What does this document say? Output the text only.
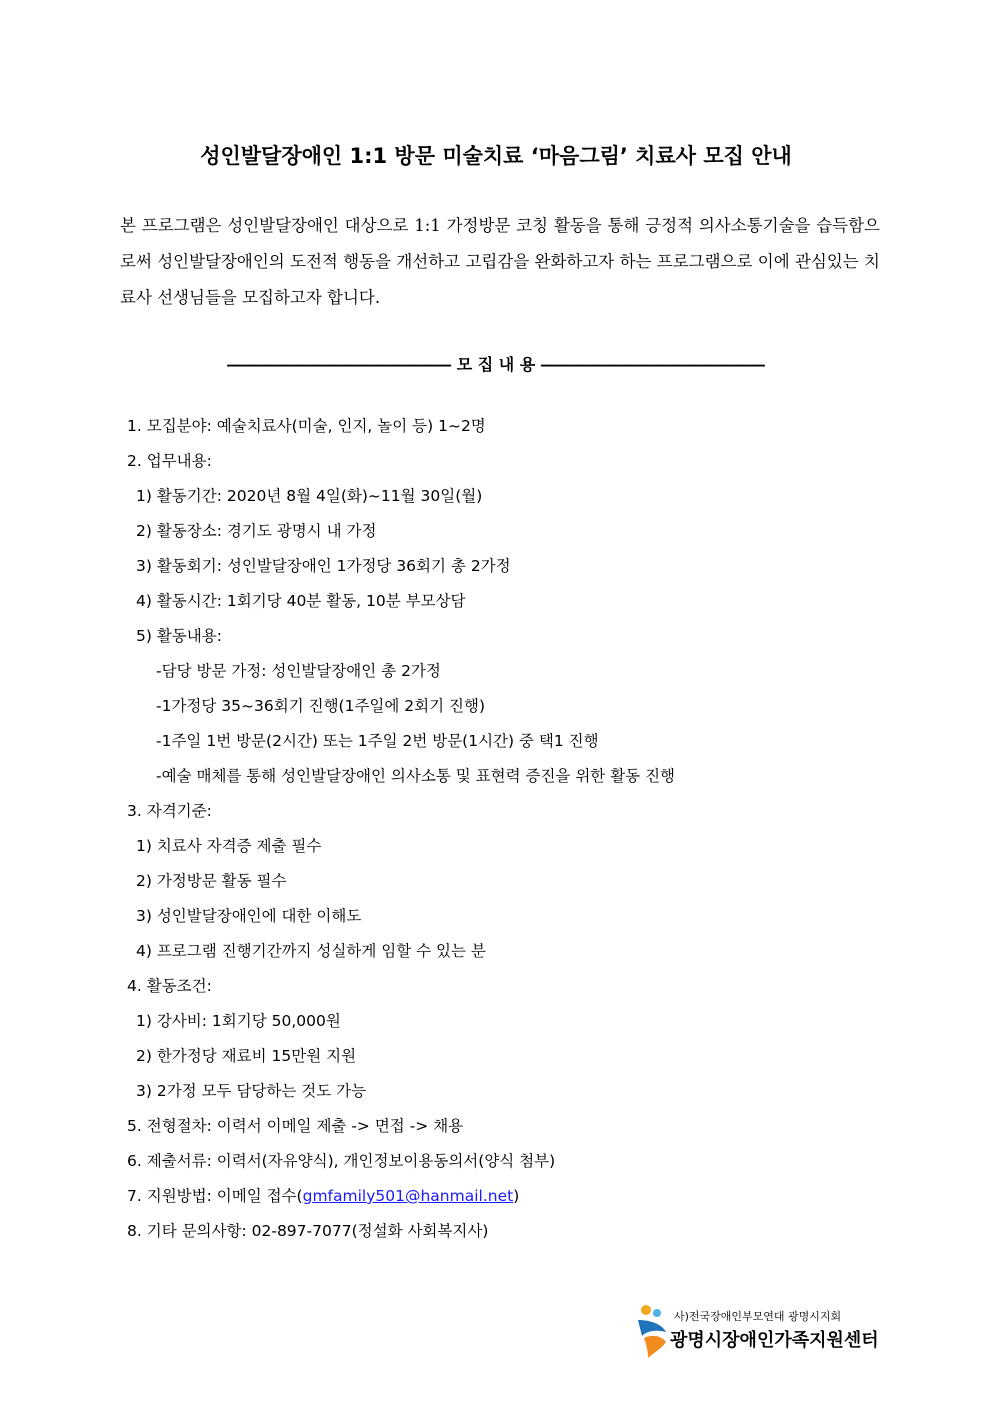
성인발달장애인 1:1 방문 미술치료 ‘마음그림’ 치료사 모집 안내
본 프로그램은 성인발달장애인 대상으로 1:1 가정방문 코칭 활동을 통해 긍정적 의사소통기술을 습득함으로써 성인발달장애인의 도전적 행동을 개선하고 고립감을 완화하고자 하는 프로그램으로 이에 관심있는 치료사 선생님들을 모집하고자 합니다.
―――――――――――――― 모 집 내 용 ――――――――――――――
1. 모집분야: 예술치료사(미술, 인지, 놀이 등) 1~2명
2. 업무내용:
1) 활동기간: 2020년 8월 4일(화)~11월 30일(월)
2) 활동장소: 경기도 광명시 내 가정
3) 활동회기: 성인발달장애인 1가정당 36회기 총 2가정
4) 활동시간: 1회기당 40분 활동, 10분 부모상담
5) 활동내용:
-담당 방문 가정: 성인발달장애인 총 2가정
-1가정당 35~36회기 진행(1주일에 2회기 진행)
-1주일 1번 방문(2시간) 또는 1주일 2번 방문(1시간) 중 택1 진행
-예술 매체를 통해 성인발달장애인 의사소통 및 표현력 증진을 위한 활동 진행
3. 자격기준:
1) 치료사 자격증 제출 필수
2) 가정방문 활동 필수
3) 성인발달장애인에 대한 이해도
4) 프로그램 진행기간까지 성실하게 임할 수 있는 분
4. 활동조건:
1) 강사비: 1회기당 50,000원
2) 한가정당 재료비 15만원 지원
3) 2가정 모두 담당하는 것도 가능
5. 전형절차: 이력서 이메일 제출 -> 면접 -> 채용
6. 제출서류: 이력서(자유양식), 개인정보이용동의서(양식 첨부)
7. 지원방법: 이메일 접수(gmfamily501@hanmail.net)
8. 기타 문의사항: 02-897-7077(정설화 사회복지사)
사)전국장애인부모연대 광명시지회
광명시장애인가족지원센터
